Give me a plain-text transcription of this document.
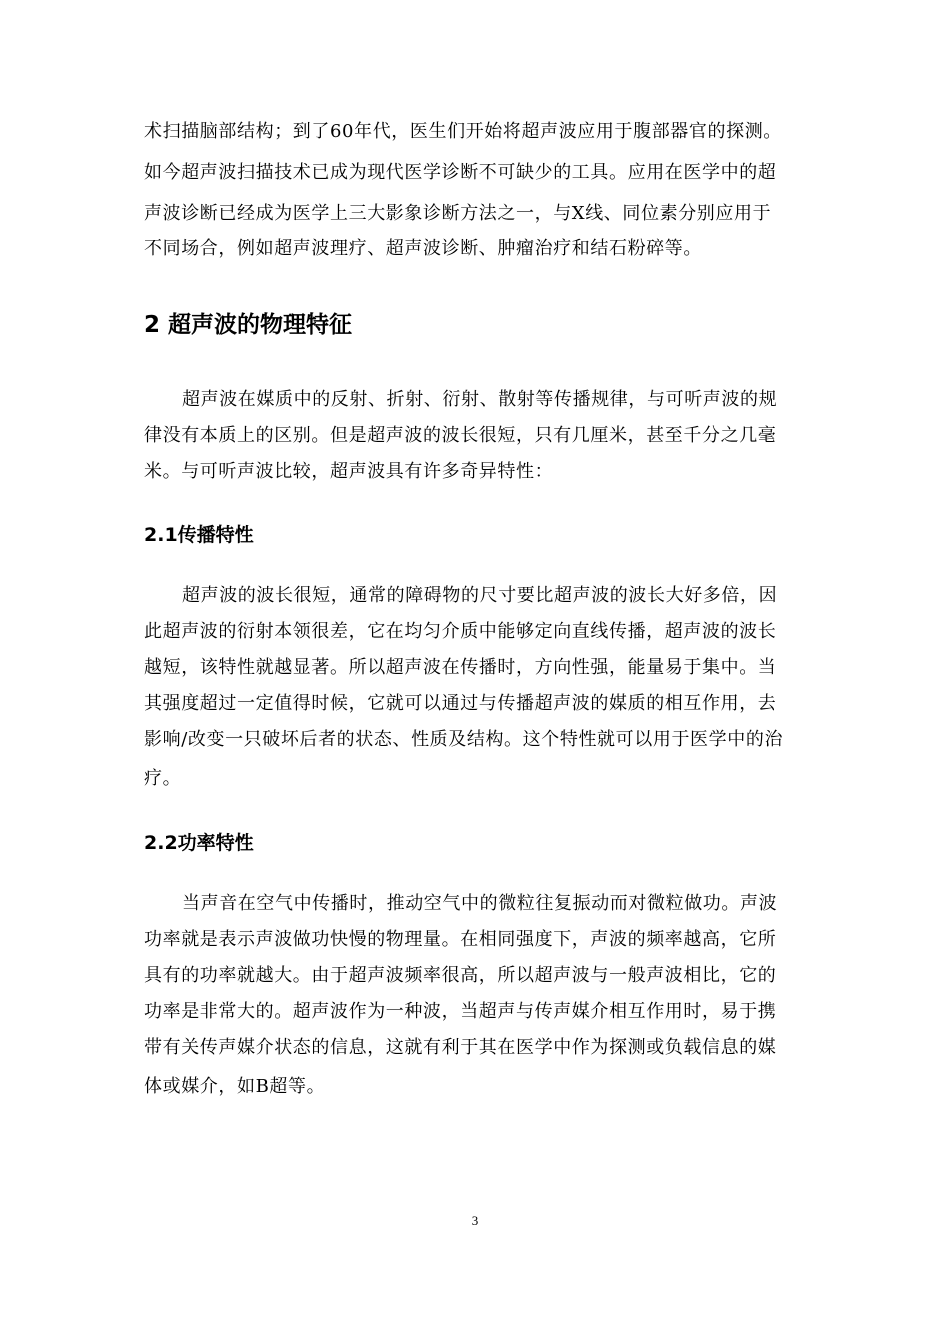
术扫描脑部结构；到了60年代，医生们开始将超声波应用于腹部器官的探测。
如今超声波扫描技术已成为现代医学诊断不可缺少的工具。应用在医学中的超
声波诊断已经成为医学上三大影象诊断方法之一，与X线、同位素分别应用于
不同场合，例如超声波理疗、超声波诊断、肿瘤治疗和结石粉碎等。
2 超声波的物理特征
超声波在媒质中的反射、折射、衍射、散射等传播规律，与可听声波的规
律没有本质上的区别。但是超声波的波长很短，只有几厘米，甚至千分之几毫
米。与可听声波比较，超声波具有许多奇异特性：
2.1传播特性
超声波的波长很短，通常的障碍物的尺寸要比超声波的波长大好多倍，因
此超声波的衍射本领很差，它在均匀介质中能够定向直线传播，超声波的波长
越短，该特性就越显著。所以超声波在传播时，方向性强，能量易于集中。当
其强度超过一定值得时候，它就可以通过与传播超声波的媒质的相互作用，去
影响/改变一只破坏后者的状态、性质及结构。这个特性就可以用于医学中的治
疗。
2.2功率特性
当声音在空气中传播时，推动空气中的微粒往复振动而对微粒做功。声波
功率就是表示声波做功快慢的物理量。在相同强度下，声波的频率越高，它所
具有的功率就越大。由于超声波频率很高，所以超声波与一般声波相比，它的
功率是非常大的。超声波作为一种波，当超声与传声媒介相互作用时，易于携
带有关传声媒介状态的信息，这就有利于其在医学中作为探测或负载信息的媒
体或媒介，如B超等。
3
